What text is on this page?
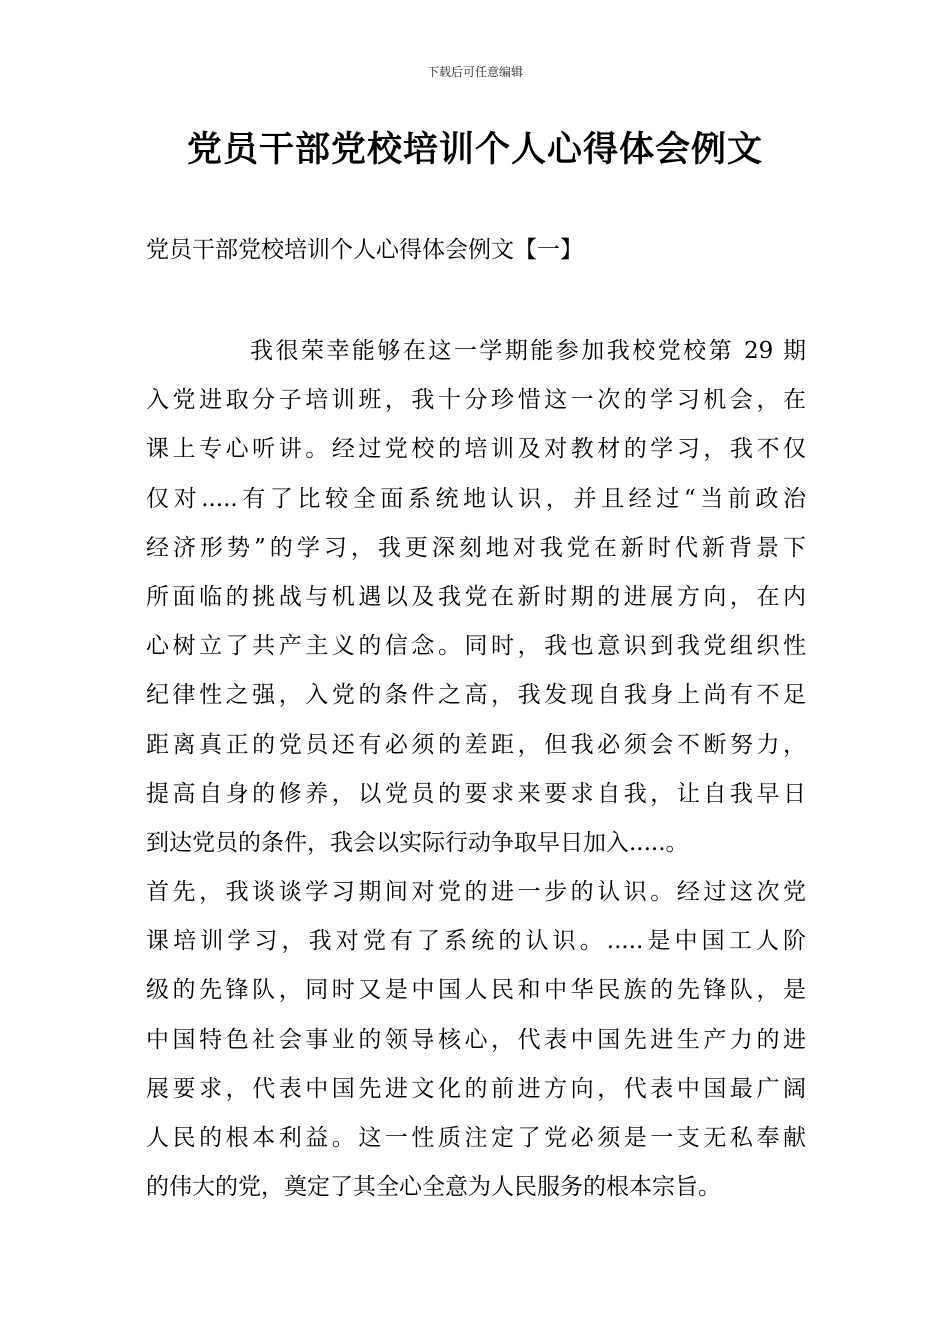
下载后可任意编辑
党员干部党校培训个人心得体会例文
党员干部党校培训个人心得体会例文【一】
我很荣幸能够在这一学期能参加我校党校第 29 期
入党进取分子培训班，我十分珍惜这一次的学习机会，在
课上专心听讲。经过党校的培训及对教材的学习，我不仅
仅对.....有了比较全面系统地认识，并且经过“当前政治
经济形势”的学习，我更深刻地对我党在新时代新背景下
所面临的挑战与机遇以及我党在新时期的进展方向，在内
心树立了共产主义的信念。同时，我也意识到我党组织性
纪律性之强，入党的条件之高，我发现自我身上尚有不足
距离真正的党员还有必须的差距，但我必须会不断努力，
提高自身的修养，以党员的要求来要求自我，让自我早日
到达党员的条件，我会以实际行动争取早日加入.....。
首先，我谈谈学习期间对党的进一步的认识。经过这次党
课培训学习，我对党有了系统的认识。.....是中国工人阶
级的先锋队，同时又是中国人民和中华民族的先锋队，是
中国特色社会事业的领导核心，代表中国先进生产力的进
展要求，代表中国先进文化的前进方向，代表中国最广阔
人民的根本利益。这一性质注定了党必须是一支无私奉献
的伟大的党，奠定了其全心全意为人民服务的根本宗旨。
